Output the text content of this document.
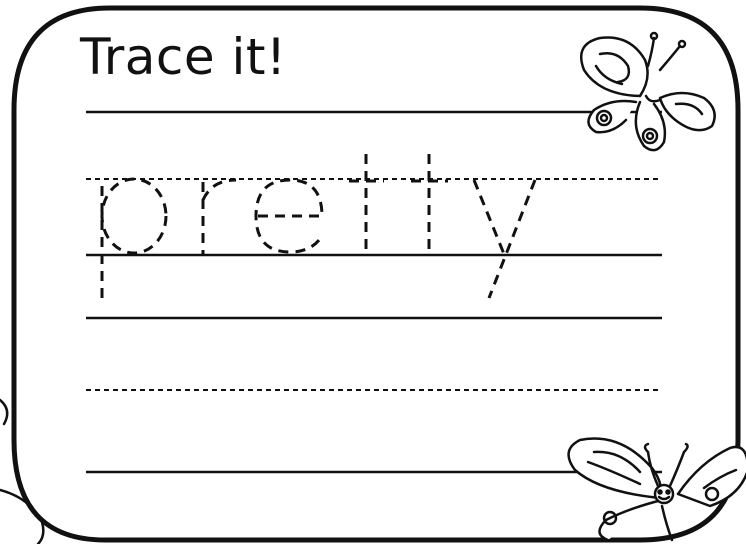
Trace it!
